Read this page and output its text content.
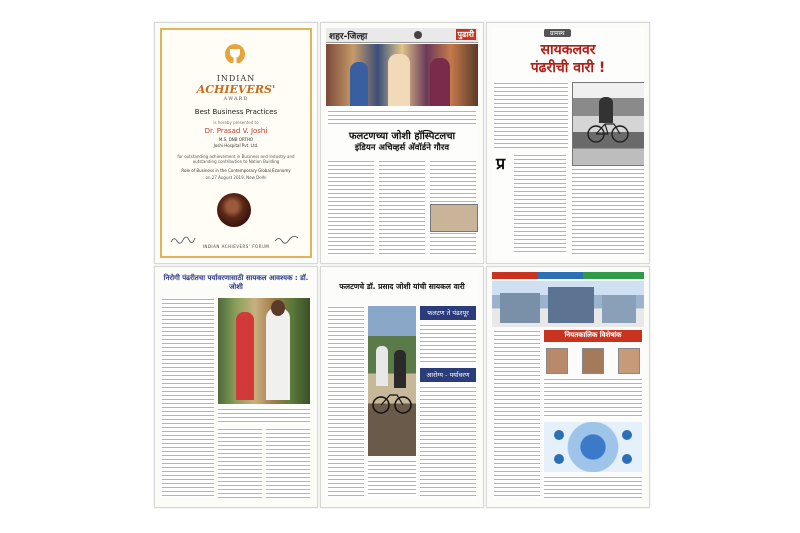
INDIAN
ACHIEVERS'
AWARD
Best Business Practices
is hereby presented to
Dr. Prasad V. Joshi
M.S. DNB ORTHO
Joshi Hospital Pvt. Ltd.
for outstanding achievement in Business and Industry and outstanding contribution to Nation Building
Role of Business in the Contemporary Global Economy
on 27 August 2019, New Delhi
INDIAN ACHIEVERS' FORUM
शहर-जिल्हा	पुढारी
फलटणच्या जोशी हॉस्पिटलचा
इंडियन अचिव्हर्स अ‍ॅवॉर्डने गौरव
ग्रामस्थ
सायकलवर
पंढरीची वारी !
प्र
निरोगी पंढरीतचा पर्यावरणासाठी सायकल आवश्यक : डॉ. जोशी	फलटणचे डॉ. प्रसाद जोशी यांची सायकल वारी
फलटण ते पंढरपूर
आरोग्य - पर्यावरण
नियतकालिक विशेषांक
